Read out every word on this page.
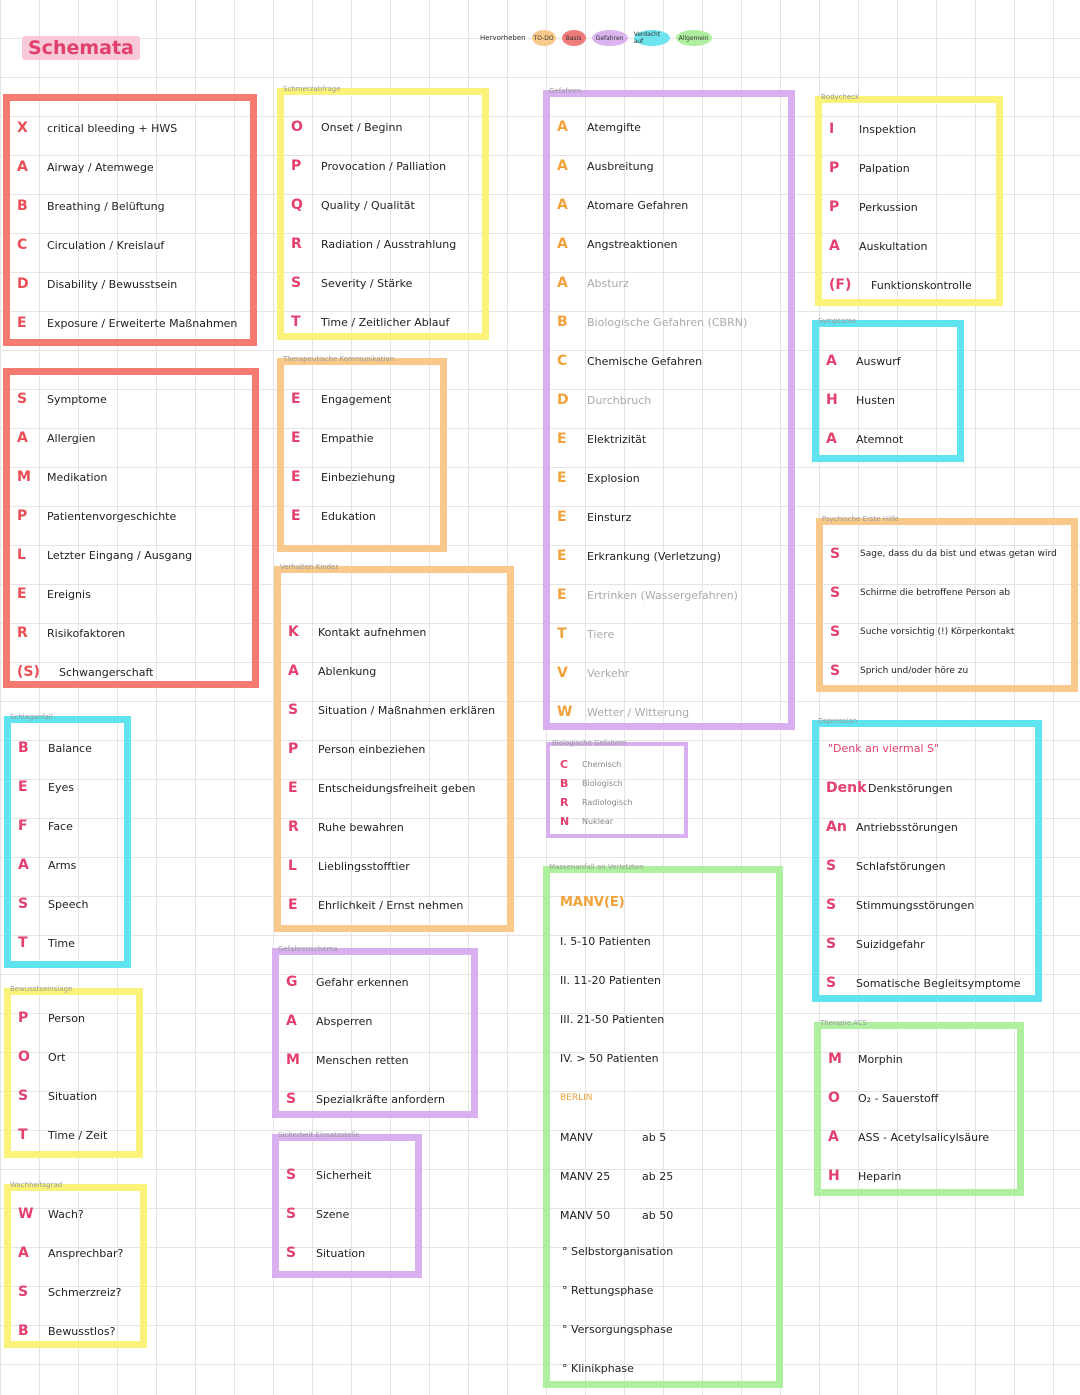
Schemata	Hervorheben	TO-DO	Basis	Gefahren	Verdacht auf	Allgemein
X	critical bleeding + HWS
A	Airway / Atemwege
B	Breathing / Belüftung
C	Circulation / Kreislauf
D	Disability / Bewusstsein
E	Exposure / Erweiterte Maßnahmen
S	Symptome
A	Allergien
M	Medikation
P	Patientenvorgeschichte
L	Letzter Eingang / Ausgang
E	Ereignis
R	Risikofaktoren
(S)	Schwangerschaft
Schlaganfall
B	Balance
E	Eyes
F	Face
A	Arms
S	Speech
T	Time
Bewusstseinslage
P	Person
O	Ort
S	Situation
T	Time / Zeit
Wachheitsgrad
W	Wach?
A	Ansprechbar?
S	Schmerzreiz?
B	Bewusstlos?
Schmerzabfrage
O	Onset / Beginn
P	Provocation / Palliation
Q	Quality / Qualität
R	Radiation / Ausstrahlung
S	Severity / Stärke
T	Time / Zeitlicher Ablauf
Therapeutische Kommunikation
E	Engagement
E	Empathie
E	Einbeziehung
E	Edukation
Verhalten Kinder
K	Kontakt aufnehmen
A	Ablenkung
S	Situation / Maßnahmen erklären
P	Person einbeziehen
E	Entscheidungsfreiheit geben
R	Ruhe bewahren
L	Lieblingsstofftier
E	Ehrlichkeit / Ernst nehmen
Gefahrenschema
G	Gefahr erkennen
A	Absperren
M	Menschen retten
S	Spezialkräfte anfordern
Sicherheit Einsatzstelle
S	Sicherheit
S	Szene
S	Situation
Gefahren
A	Atemgifte
A	Ausbreitung
A	Atomare Gefahren
A	Angstreaktionen
A	Absturz
B	Biologische Gefahren (CBRN)
C	Chemische Gefahren
D	Durchbruch
E	Elektrizität
E	Explosion
E	Einsturz
E	Erkrankung (Verletzung)
E	Ertrinken (Wassergefahren)
T	Tiere
V	Verkehr
W	Wetter / Witterung
Biologische Gefahren
C	Chemisch
B	Biologisch
R	Radiologisch
N	Nuklear
Bodycheck
I	Inspektion
P	Palpation
P	Perkussion
A	Auskultation
(F)	Funktionskontrolle
Symptome
A	Auswurf
H	Husten
A	Atemnot
Psychische Erste Hilfe
S	Sage, dass du da bist und etwas getan wird
S	Schirme die betroffene Person ab
S	Suche vorsichtig (!) Körperkontakt
S	Sprich und/oder höre zu
Depression
"Denk an viermal S"
Denk Denkstörungen
An Antriebsstörungen
S	Schlafstörungen
S	Stimmungsstörungen
S	Suizidgefahr
S	Somatische Begleitsymptome
Therapie ACS
M	Morphin
O	O₂ - Sauerstoff
A	ASS - Acetylsalicylsäure
H	Heparin
Massenanfall an Verletzten
MANV(E)
I. 5-10 Patienten
II. 11-20 Patienten
III. 21-50 Patienten
IV. > 50 Patienten
BERLIN
MANV	ab 5
MANV 25	ab 25
MANV 50	ab 50
° Selbstorganisation
° Rettungsphase
° Versorgungsphase
° Klinikphase
